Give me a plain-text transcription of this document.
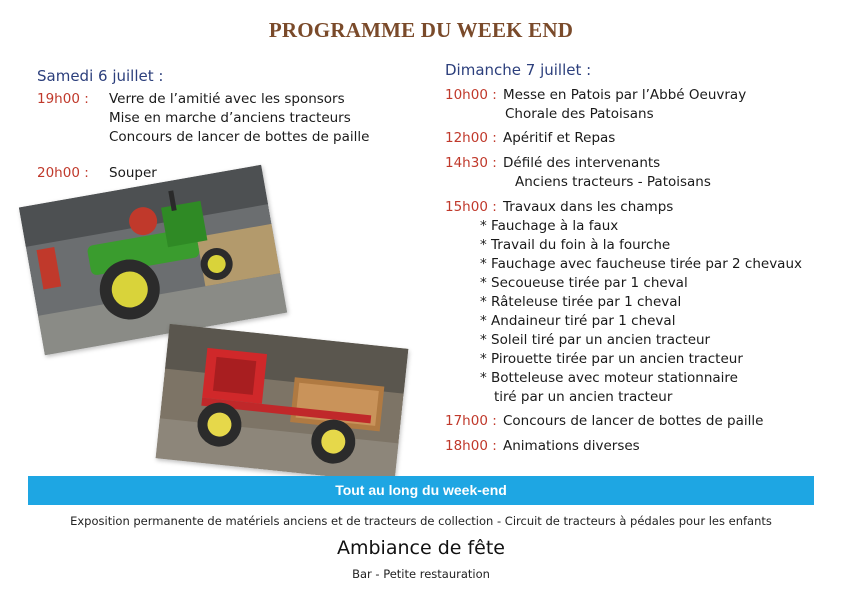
PROGRAMME DU WEEK END
Samedi 6 juillet :
19h00 : Verre de l’amitié avec les sponsors
Mise en marche d’anciens tracteurs
Concours de lancer de bottes de paille
20h00 : Souper
Dimanche 7 juillet :
10h00 : Messe en Patois par l’Abbé Oeuvray
Chorale des Patoisans
12h00 : Apéritif et Repas
14h30 : Défilé des intervenants
Anciens tracteurs - Patoisans
15h00 : Travaux dans les champs
* Fauchage à la faux
* Travail du foin à la fourche
* Fauchage avec faucheuse tirée par 2 chevaux
* Secoueuse tirée par 1 cheval
* Râteleuse tirée par 1 cheval
* Andaineur tiré par 1 cheval
* Soleil tiré par un ancien tracteur
* Pirouette tirée par un ancien tracteur
* Botteleuse avec moteur stationnaire
tiré par un ancien tracteur
17h00 : Concours de lancer de bottes de paille
18h00 : Animations diverses
Tout au long du week-end
Exposition permanente de matériels anciens et de tracteurs de collection - Circuit de tracteurs à pédales pour les enfants
Ambiance de fête
Bar - Petite restauration
